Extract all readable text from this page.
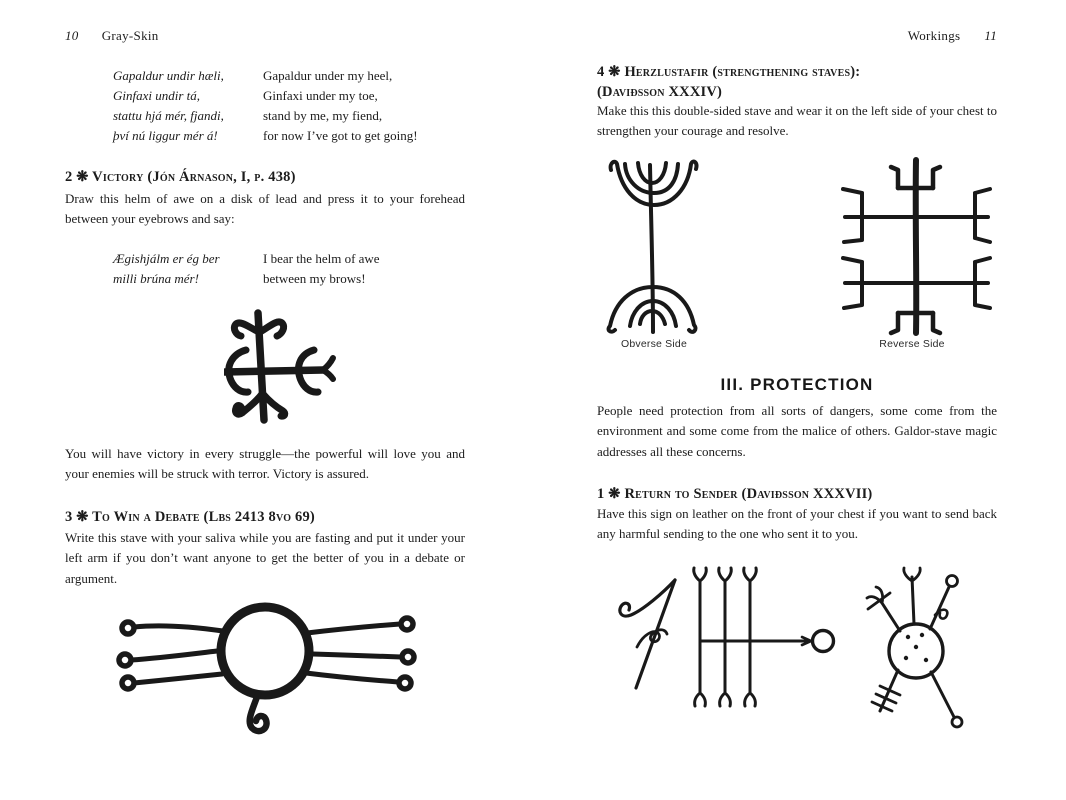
10 Gray-Skin
Gapaldur undir hæli,
Ginfaxi undir tá,
stattu hjá mér, fjandi,
því nú liggur mér á!
Gapaldur under my heel,
Ginfaxi under my toe,
stand by me, my fiend,
for now I’ve got to get going!
2 ❋ Victory (Jón Árnason, I, p. 438)
Draw this helm of awe on a disk of lead and press it to your forehead between your eyebrows and say:
Ægishjálm er ég ber
milli brúna mér!
I bear the helm of awe
between my brows!
You will have victory in every struggle—the powerful will love you and your enemies will be struck with terror. Victory is assured.
3 ❋ To Win a Debate (Lbs 2413 8vo 69)
Write this stave with your saliva while you are fasting and put it under your left arm if you don’t want anyone to get the better of you in a debate or argument.
Workings 11
4 ❋ Herzlustafir (strengthening staves):
(Daviðsson XXXIV)
Make this this double-sided stave and wear it on the left side of your chest to strengthen your courage and resolve.
Obverse Side	Reverse Side
III. PROTECTION
People need protection from all sorts of dangers, some come from the environment and some come from the malice of others. Galdor-stave magic addresses all these concerns.
1 ❋ Return to Sender (Daviðsson XXXVII)
Have this sign on leather on the front of your chest if you want to send back any harmful sending to the one who sent it to you.
